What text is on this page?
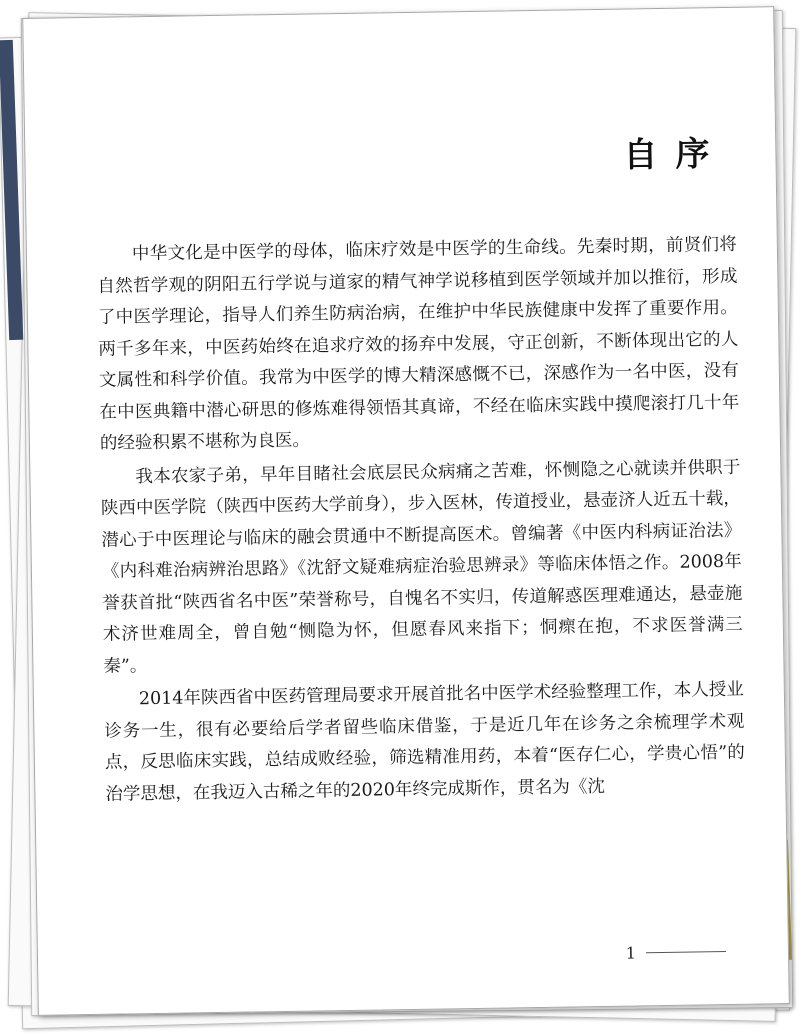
自序

中华文化是中医学的母体，临床疗效是中医学的生命线。先秦时期，前贤们将自然哲学观的阴阳五行学说与道家的精气神学说移植到医学领域并加以推衍，形成了中医学理论，指导人们养生防病治病，在维护中华民族健康中发挥了重要作用。两千多年来，中医药始终在追求疗效的扬弃中发展，守正创新，不断体现出它的人文属性和科学价值。我常为中医学的博大精深感慨不已，深感作为一名中医，没有在中医典籍中潜心研思的修炼难得领悟其真谛，不经在临床实践中摸爬滚打几十年的经验积累不堪称为良医。

我本农家子弟，早年目睹社会底层民众病痛之苦难，怀恻隐之心就读并供职于陕西中医学院（陕西中医药大学前身），步入医林，传道授业，悬壶济人近五十载，潜心于中医理论与临床的融会贯通中不断提高医术。曾编著《中医内科病证治法》《内科难治病辨治思路》《沈舒文疑难病症治验思辨录》等临床体悟之作。2008年誉获首批“陕西省名中医”荣誉称号，自愧名不实归，传道解惑医理难通达，悬壶施术济世难周全，曾自勉“恻隐为怀，但愿春风来指下；恫瘝在抱，不求医誉满三秦”。

2014年陕西省中医药管理局要求开展首批名中医学术经验整理工作，本人授业诊务一生，很有必要给后学者留些临床借鉴，于是近几年在诊务之余梳理学术观点，反思临床实践，总结成败经验，筛选精准用药，本着“医存仁心，学贵心悟”的治学思想，在我迈入古稀之年的2020年终完成斯作，贯名为《沈

1
